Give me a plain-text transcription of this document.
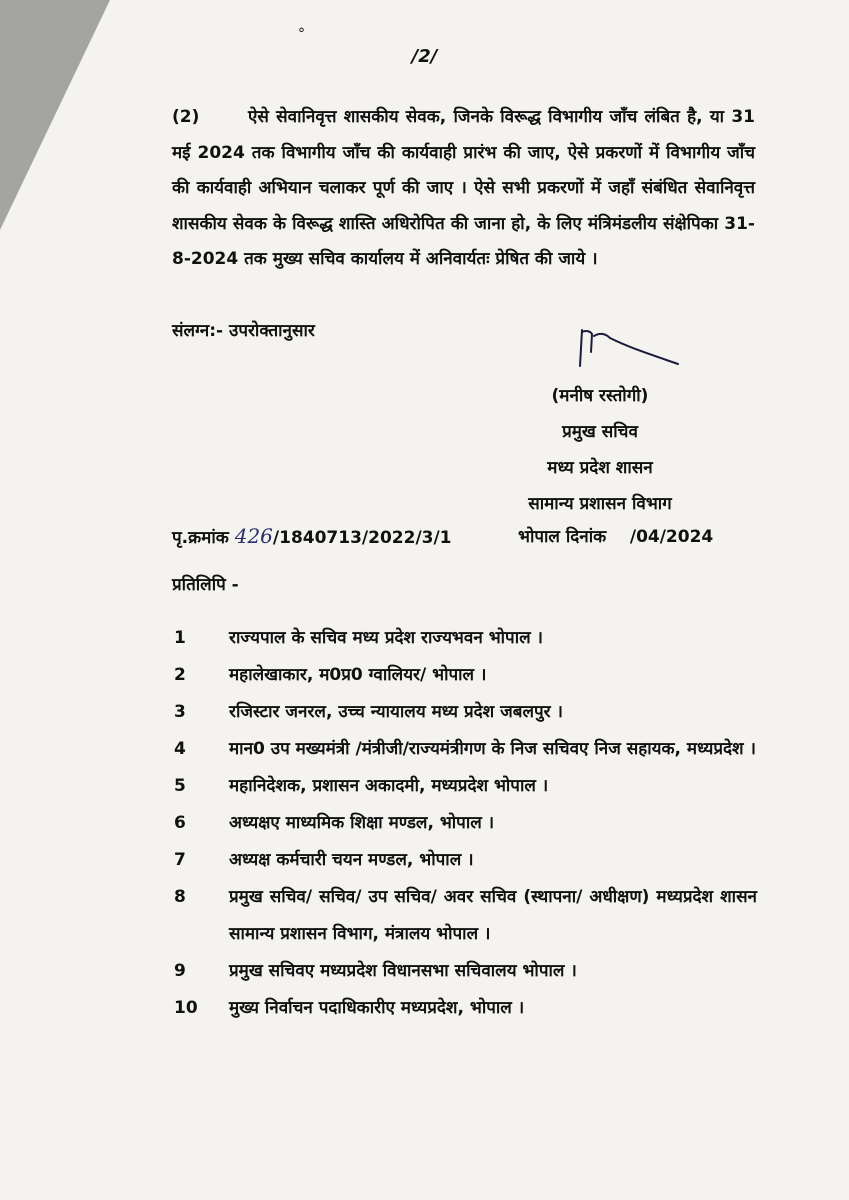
°
/2/
(2)	ऐसे सेवानिवृत्त शासकीय सेवक, जिनके विरूद्ध विभागीय जाँच लंबित है, या 31 मई 2024 तक विभागीय जाँच की कार्यवाही प्रारंभ की जाए, ऐसे प्रकरणों में विभागीय जाँच की कार्यवाही अभियान चलाकर पूर्ण की जाए । ऐसे सभी प्रकरणों में जहाँ संबंधित सेवानिवृत्त शासकीय सेवक के विरूद्ध शास्ति अधिरोपित की जाना हो, के लिए मंत्रिमंडलीय संक्षेपिका 31-8-2024 तक मुख्य सचिव कार्यालय में अनिवार्यतः प्रेषित की जाये ।
संलग्न:- उपरोक्तानुसार
(मनीष रस्तोगी)
प्रमुख सचिव
मध्य प्रदेश शासन
सामान्य प्रशासन विभाग
पृ.क्रमांक 426/1840713/2022/3/1	भोपाल दिनांक    /04/2024
प्रतिलिपि -
1	राज्यपाल के सचिव मध्य प्रदेश राज्यभवन भोपाल ।
2	महालेखाकार, म0प्र0 ग्वालियर/ भोपाल ।
3	रजिस्टार जनरल, उच्च न्यायालय मध्य प्रदेश जबलपुर ।
4	मान0 उप मख्यमंत्री /मंत्रीजी/राज्यमंत्रीगण के निज सचिवए निज सहायक, मध्यप्रदेश ।
5	महानिदेशक, प्रशासन अकादमी, मध्यप्रदेश भोपाल ।
6	अध्यक्षए माध्यमिक शिक्षा मण्डल, भोपाल ।
7	अध्यक्ष कर्मचारी चयन मण्डल, भोपाल ।
8	प्रमुख सचिव/ सचिव/ उप सचिव/ अवर सचिव (स्थापना/ अधीक्षण) मध्यप्रदेश शासन सामान्य प्रशासन विभाग, मंत्रालय भोपाल ।
9	प्रमुख सचिवए मध्यप्रदेश विधानसभा सचिवालय भोपाल ।
10	मुख्य निर्वाचन पदाधिकारीए मध्यप्रदेश, भोपाल ।
